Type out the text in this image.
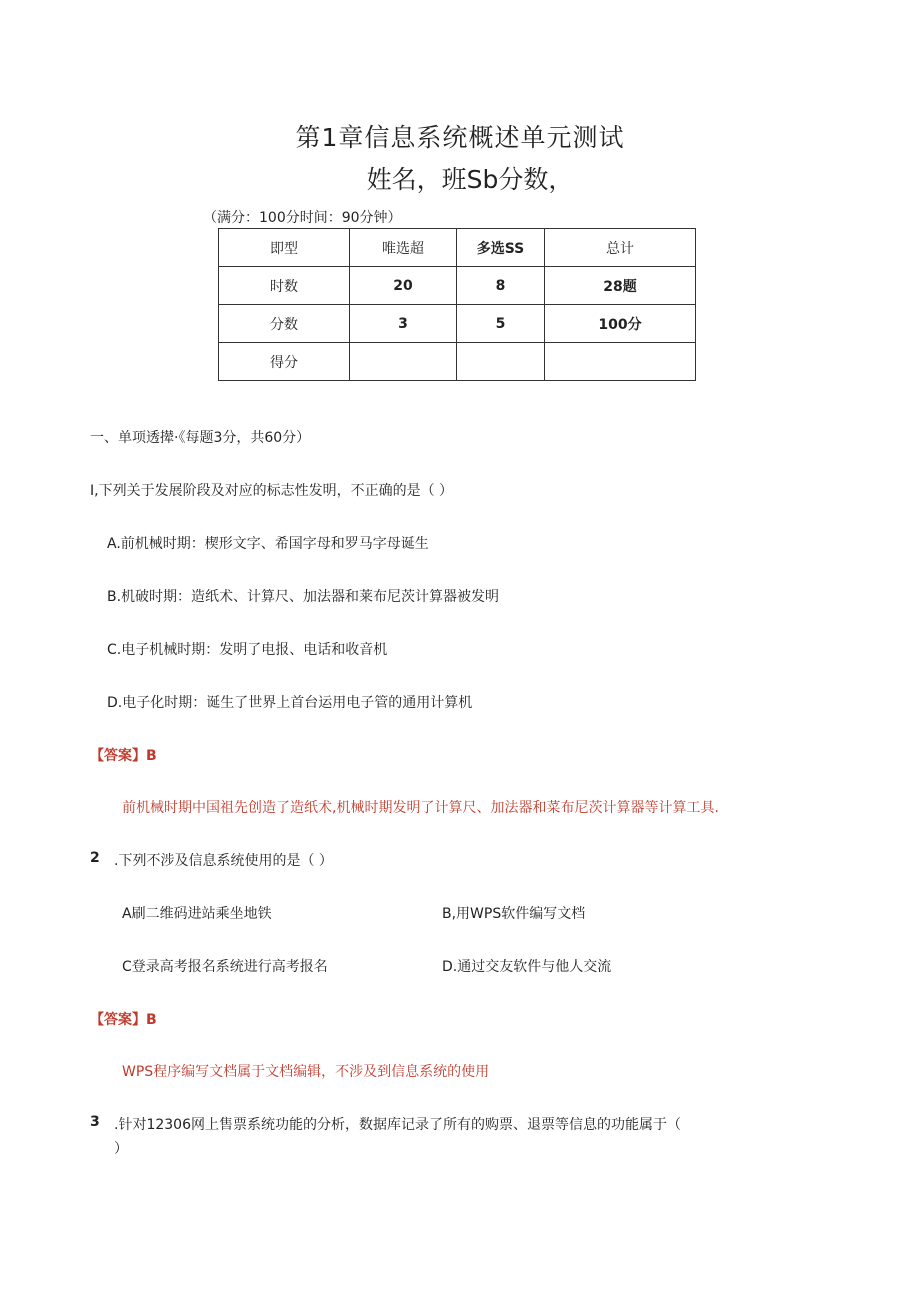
第1章信息系统概述单元测试
姓名，班Sb分数，
（满分：100分时间：90分钟）
即型	唯选超	多选SS	总计
时数	20	8	28题
分数	3	5	100分
得分			
一、单项透撵·《每题3分，共60分）
I,下列关于发展阶段及对应的标志性发明，不正确的是（ ）
A.前机械时期：楔形文字、希国字母和罗马字母诞生
B.机破时期：造纸术、计算尺、加法器和莱布尼茨计算器被发明
C.电子机械时期：发明了电报、电话和收音机
D.电子化时期：诞生了世界上首台运用电子管的通用计算机
【答案】B
前机械时期中国祖先创造了造纸术,机械时期发明了计算尺、加法器和菜布尼茨计算器等计算工具.
2 .下列不涉及信息系统使用的是（ ）
A刷二维码进站乘坐地铁	B,用WPS软件编写文档
C登录高考报名系统进行高考报名	D.通过交友软件与他人交流
【答案】B
WPS程序编写文档属于文档编辑，不涉及到信息系统的使用
3 .针对12306网上售票系统功能的分析，数据库记录了所有的购票、退票等信息的功能属于（
）
